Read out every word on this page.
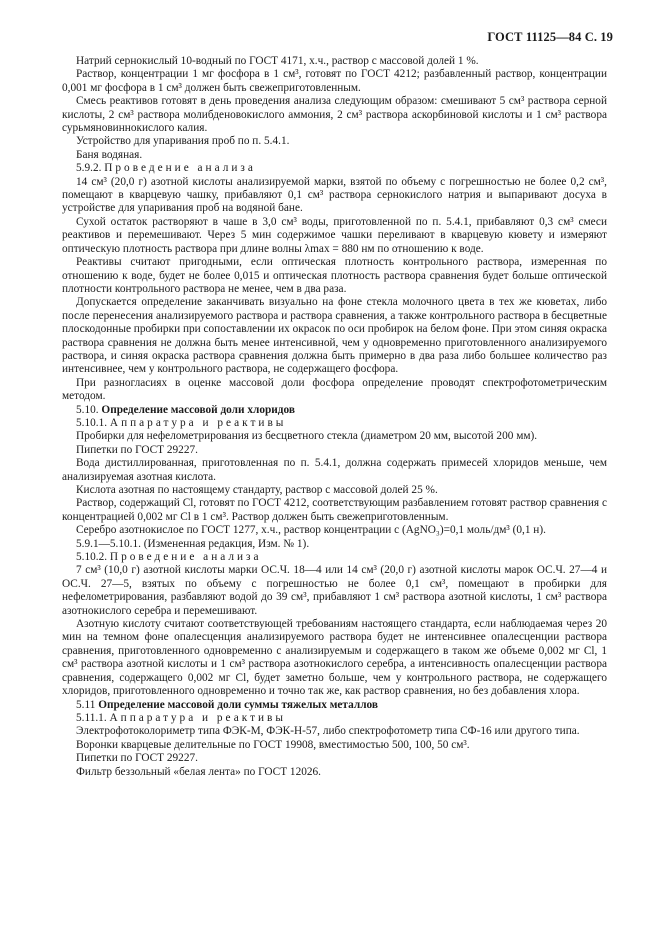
ГОСТ 11125—84 С. 19

Натрий сернокислый 10-водный по ГОСТ 4171, х.ч., раствор с массовой долей 1 %.

Раствор, концентрации 1 мг фосфора в 1 см³, готовят по ГОСТ 4212; разбавленный раствор, концентрации 0,001 мг фосфора в 1 см³ должен быть свежеприготовленным.

Смесь реактивов готовят в день проведения анализа следующим образом: смешивают 5 см³ раствора серной кислоты, 2 см³ раствора молибденовокислого аммония, 2 см³ раствора аскорбиновой кислоты и 1 см³ раствора сурьмяновиннокислого калия.

Устройство для упаривания проб по п. 5.4.1.

Баня водяная.

5.9.2. Проведение анализа

14 см³ (20,0 г) азотной кислоты анализируемой марки, взятой по объему с погрешностью не более 0,2 см³, помещают в кварцевую чашку, прибавляют 0,1 см³ раствора сернокислого натрия и выпаривают досуха в устройстве для упаривания проб на водяной бане.

Сухой остаток растворяют в чаше в 3,0 см³ воды, приготовленной по п. 5.4.1, прибавляют 0,3 см³ смеси реактивов и перемешивают. Через 5 мин содержимое чашки переливают в кварцевую кювету и измеряют оптическую плотность раствора при длине волны λmax = 880 нм по отношению к воде.

Реактивы считают пригодными, если оптическая плотность контрольного раствора, измеренная по отношению к воде, будет не более 0,015 и оптическая плотность раствора сравнения будет больше оптической плотности контрольного раствора не менее, чем в два раза.

Допускается определение заканчивать визуально на фоне стекла молочного цвета в тех же кюветах, либо после перенесения анализируемого раствора и раствора сравнения, а также контрольного раствора в бесцветные плоскодонные пробирки при сопоставлении их окрасок по оси пробирок на белом фоне. При этом синяя окраска раствора сравнения не должна быть менее интенсивной, чем у одновременно приготовленного анализируемого раствора, и синяя окраска раствора сравнения должна быть примерно в два раза либо большее количество раз интенсивнее, чем у контрольного раствора, не содержащего фосфора.

При разногласиях в оценке массовой доли фосфора определение проводят спектрофотометрическим методом.

5.10. Определение массовой доли хлоридов

5.10.1. Аппаратура и реактивы

Пробирки для нефелометрирования из бесцветного стекла (диаметром 20 мм, высотой 200 мм).

Пипетки по ГОСТ 29227.

Вода дистиллированная, приготовленная по п. 5.4.1, должна содержать примесей хлоридов меньше, чем анализируемая азотная кислота.

Кислота азотная по настоящему стандарту, раствор с массовой долей 25 %.

Раствор, содержащий Cl, готовят по ГОСТ 4212, соответствующим разбавлением готовят раствор сравнения с концентрацией 0,002 мг Cl в 1 см³. Раствор должен быть свежеприготовленным.

Серебро азотнокислое по ГОСТ 1277, х.ч., раствор концентрации с (AgNO₃)=0,1 моль/дм³ (0,1 н).

5.9.1—5.10.1. (Измененная редакция, Изм. № 1).

5.10.2. Проведение анализа

7 см³ (10,0 г) азотной кислоты марки ОС.Ч. 18—4 или 14 см³ (20,0 г) азотной кислоты марок ОС.Ч. 27—4 и ОС.Ч. 27—5, взятых по объему с погрешностью не более 0,1 см³, помещают в пробирки для нефелометрирования, разбавляют водой до 39 см³, прибавляют 1 см³ раствора азотной кислоты, 1 см³ раствора азотнокислого серебра и перемешивают.

Азотную кислоту считают соответствующей требованиям настоящего стандарта, если наблюдаемая через 20 мин на темном фоне опалесценция анализируемого раствора будет не интенсивнее опалесценции раствора сравнения, приготовленного одновременно с анализируемым и содержащего в таком же объеме 0,002 мг Cl, 1 см³ раствора азотной кислоты и 1 см³ раствора азотнокислого серебра, а интенсивность опалесценции раствора сравнения, содержащего 0,002 мг Cl, будет заметно больше, чем у контрольного раствора, не содержащего хлоридов, приготовленного одновременно и точно так же, как раствор сравнения, но без добавления хлора.

5.11 Определение массовой доли суммы тяжелых металлов

5.11.1. Аппаратура и реактивы

Электрофотоколориметр типа ФЭК-М, ФЭК-Н-57, либо спектрофотометр типа СФ-16 или другого типа.

Воронки кварцевые делительные по ГОСТ 19908, вместимостью 500, 100, 50 см³.

Пипетки по ГОСТ 29227.

Фильтр беззольный «белая лента» по ГОСТ 12026.
